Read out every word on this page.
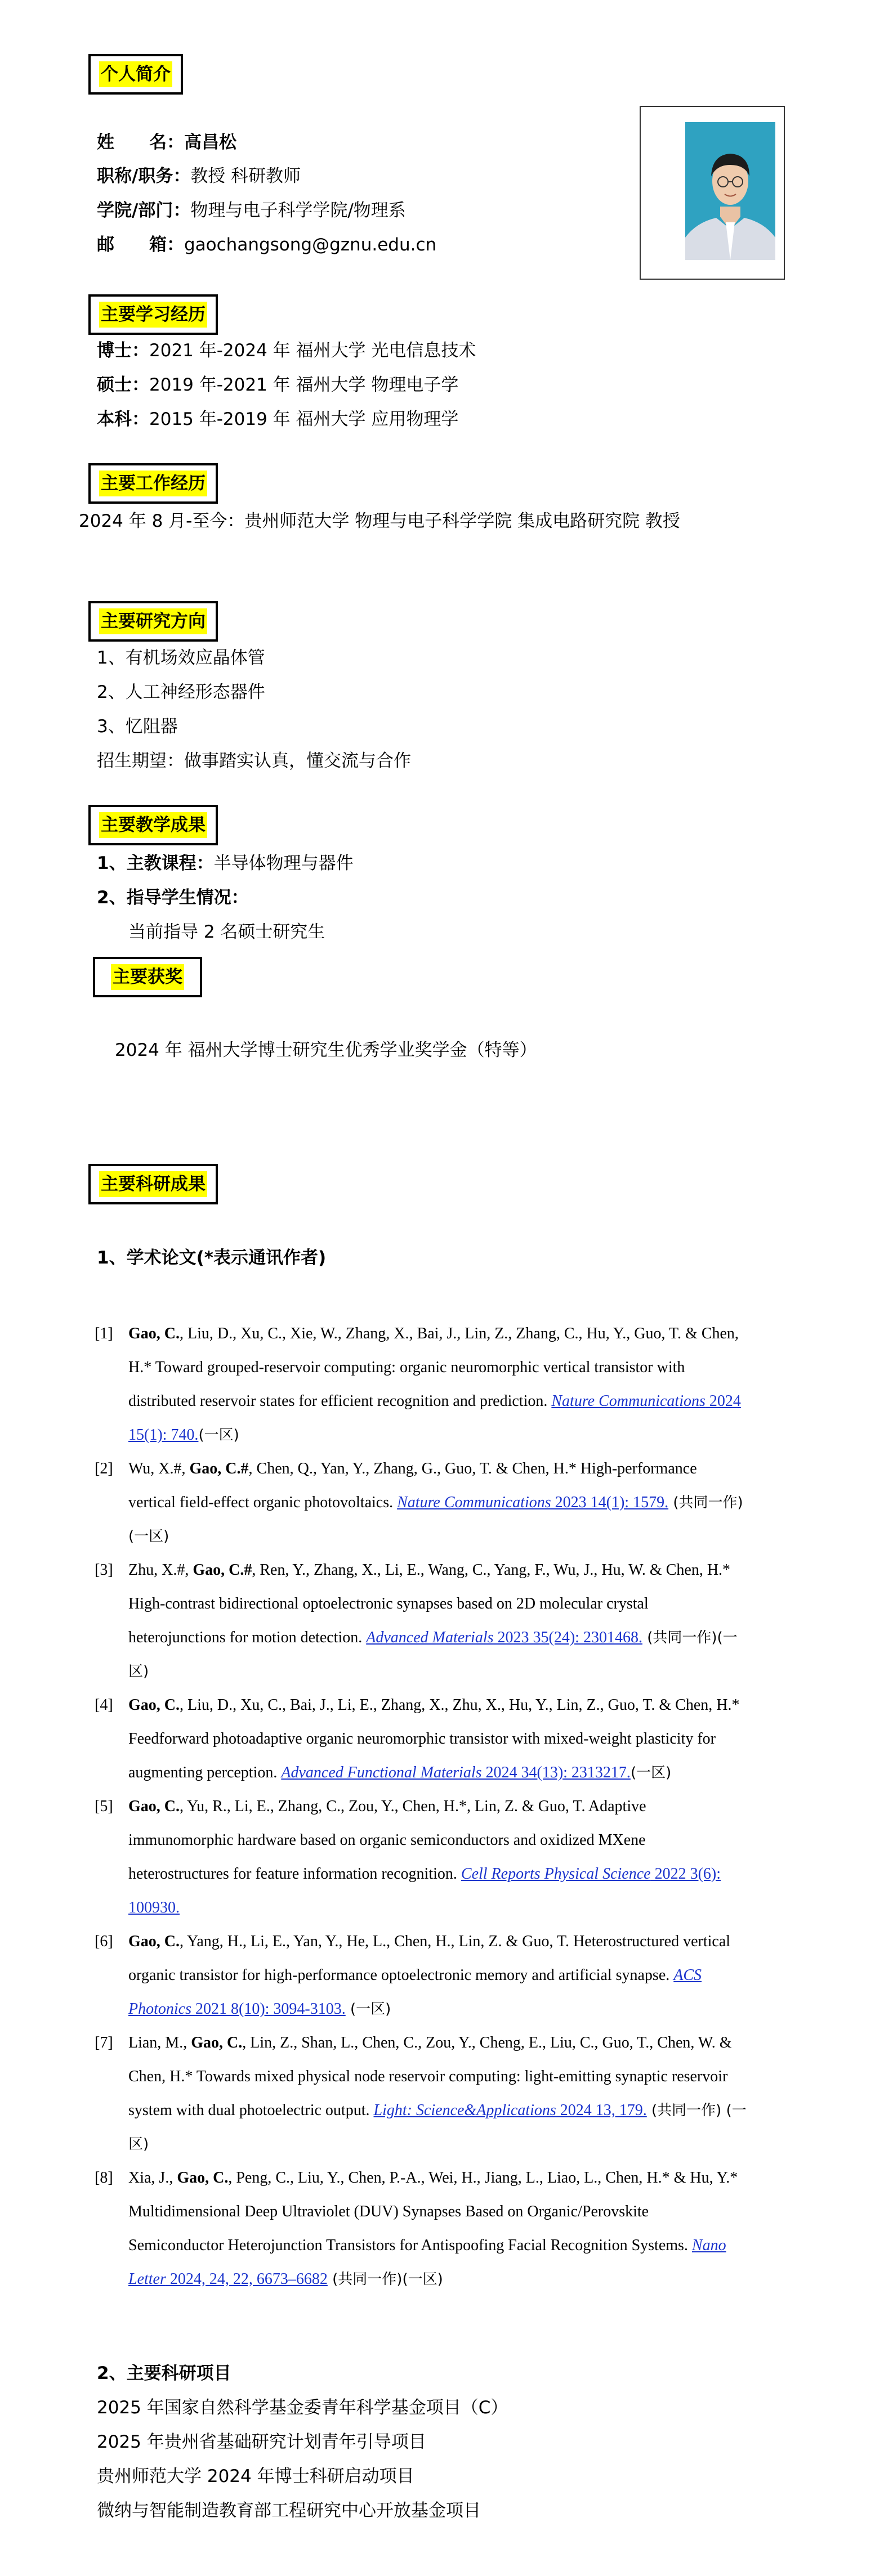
个人简介
姓　　名：高昌松
职称/职务：教授 科研教师
学院/部门：物理与电子科学学院/物理系
邮　　箱：gaochangsong@gznu.edu.cn
主要学习经历
博士：2021 年-2024 年 福州大学 光电信息技术
硕士：2019 年-2021 年 福州大学 物理电子学
本科：2015 年-2019 年 福州大学 应用物理学
主要工作经历
2024 年 8 月-至今：贵州师范大学 物理与电子科学学院 集成电路研究院 教授
主要研究方向
1、有机场效应晶体管
2、人工神经形态器件
3、忆阻器
招生期望：做事踏实认真，懂交流与合作
主要教学成果
1、主教课程：半导体物理与器件
2、指导学生情况：
当前指导 2 名硕士研究生
主要获奖
2024 年 福州大学博士研究生优秀学业奖学金（特等）
主要科研成果
1、学术论文(*表示通讯作者)
[1] Gao, C., Liu, D., Xu, C., Xie, W., Zhang, X., Bai, J., Lin, Z., Zhang, C., Hu, Y., Guo, T. & Chen, H.* Toward grouped-reservoir computing: organic neuromorphic vertical transistor with distributed reservoir states for efficient recognition and prediction. Nature Communications 2024 15(1): 740.(一区)
[2] Wu, X.#, Gao, C.#, Chen, Q., Yan, Y., Zhang, G., Guo, T. & Chen, H.* High-performance vertical field-effect organic photovoltaics. Nature Communications 2023 14(1): 1579. (共同一作)(一区)
[3] Zhu, X.#, Gao, C.#, Ren, Y., Zhang, X., Li, E., Wang, C., Yang, F., Wu, J., Hu, W. & Chen, H.* High-contrast bidirectional optoelectronic synapses based on 2D molecular crystal heterojunctions for motion detection. Advanced Materials 2023 35(24): 2301468. (共同一作)(一区)
[4] Gao, C., Liu, D., Xu, C., Bai, J., Li, E., Zhang, X., Zhu, X., Hu, Y., Lin, Z., Guo, T. & Chen, H.* Feedforward photoadaptive organic neuromorphic transistor with mixed-weight plasticity for augmenting perception. Advanced Functional Materials 2024 34(13): 2313217.(一区)
[5] Gao, C., Yu, R., Li, E., Zhang, C., Zou, Y., Chen, H.*, Lin, Z. & Guo, T. Adaptive immunomorphic hardware based on organic semiconductors and oxidized MXene heterostructures for feature information recognition. Cell Reports Physical Science 2022 3(6): 100930.
[6] Gao, C., Yang, H., Li, E., Yan, Y., He, L., Chen, H., Lin, Z. & Guo, T. Heterostructured vertical organic transistor for high-performance optoelectronic memory and artificial synapse. ACS Photonics 2021 8(10): 3094-3103. (一区)
[7] Lian, M., Gao, C., Lin, Z., Shan, L., Chen, C., Zou, Y., Cheng, E., Liu, C., Guo, T., Chen, W. & Chen, H.* Towards mixed physical node reservoir computing: light-emitting synaptic reservoir system with dual photoelectric output. Light: Science&Applications 2024 13, 179. (共同一作) (一区)
[8] Xia, J., Gao, C., Peng, C., Liu, Y., Chen, P.-A., Wei, H., Jiang, L., Liao, L., Chen, H.* & Hu, Y.* Multidimensional Deep Ultraviolet (DUV) Synapses Based on Organic/Perovskite Semiconductor Heterojunction Transistors for Antispoofing Facial Recognition Systems. Nano Letter 2024, 24, 22, 6673–6682 (共同一作)(一区)
2、主要科研项目
2025 年国家自然科学基金委青年科学基金项目（C）
2025 年贵州省基础研究计划青年引导项目
贵州师范大学 2024 年博士科研启动项目
微纳与智能制造教育部工程研究中心开放基金项目
